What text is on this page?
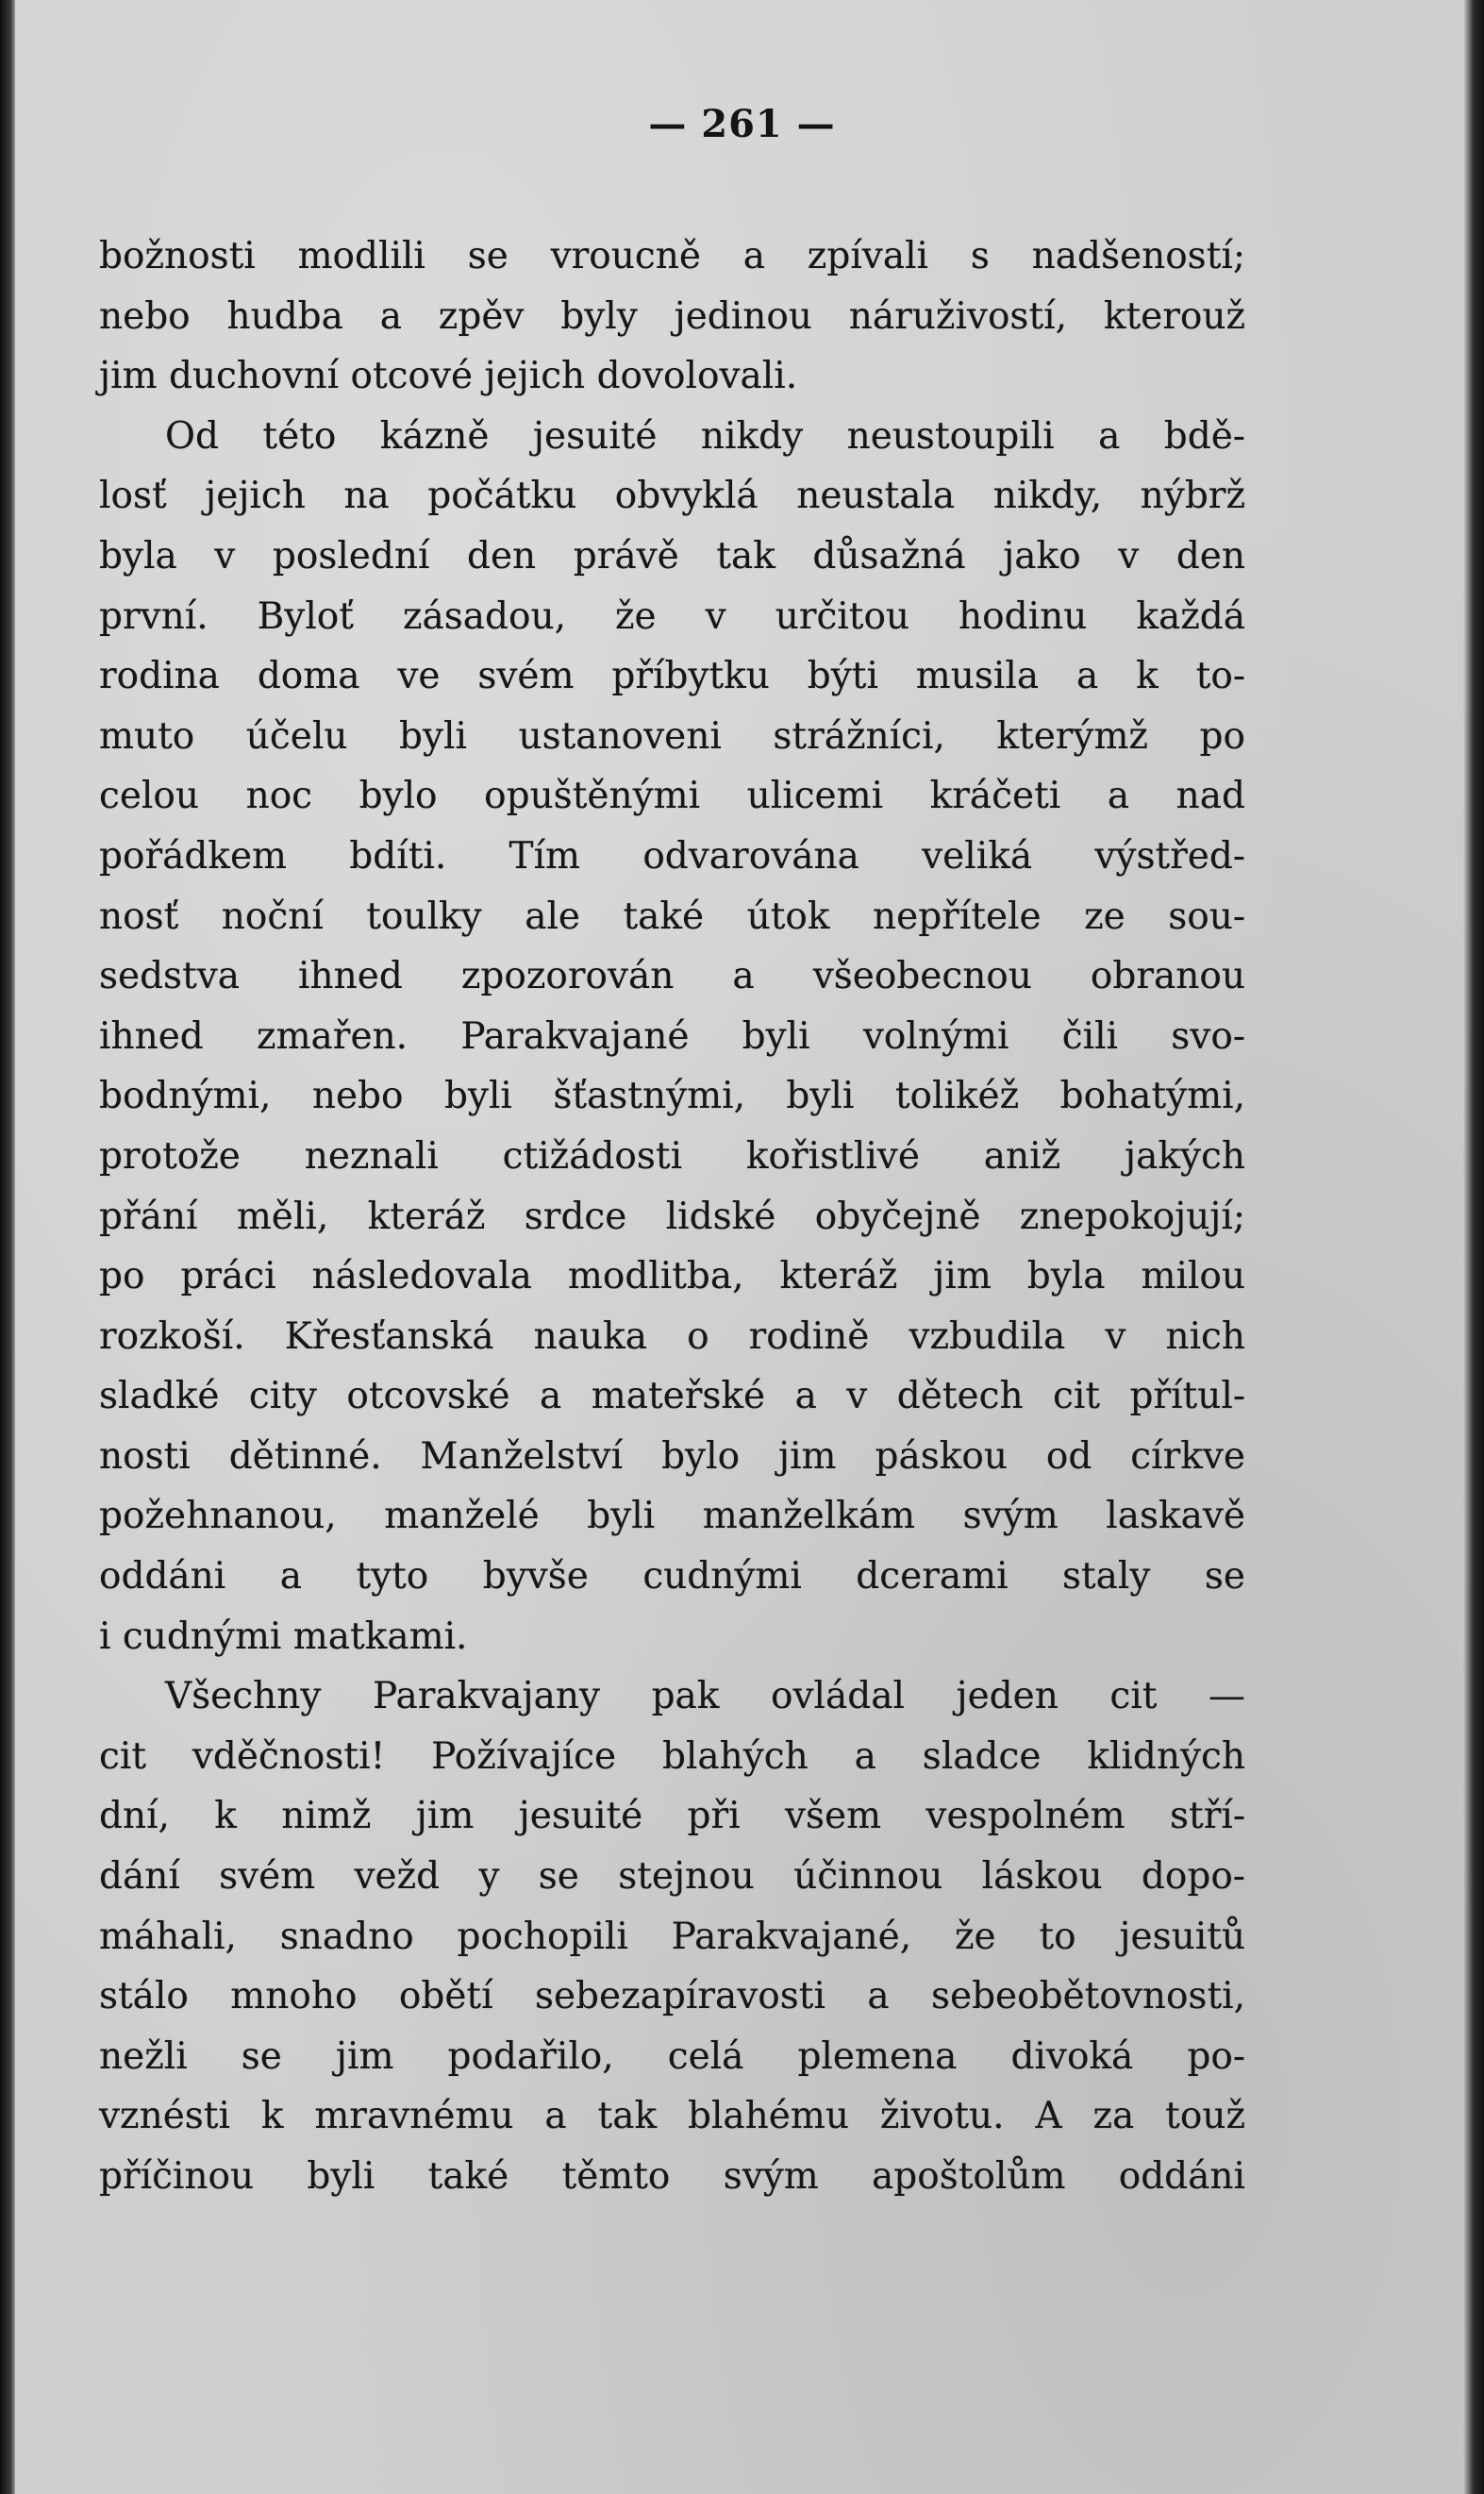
— 261 —
božnosti modlili se vroucně a zpívali s nadšeností;
nebo hudba a zpěv byly jedinou náruživostí, kterouž
jim duchovní otcové jejich dovolovali.
Od této kázně jesuité nikdy neustoupili a bdě-
losť jejich na počátku obvyklá neustala nikdy, nýbrž
byla v poslední den právě tak důsažná jako v den
první. Byloť zásadou, že v určitou hodinu každá
rodina doma ve svém příbytku býti musila a k to-
muto účelu byli ustanoveni strážníci, kterýmž po
celou noc bylo opuštěnými ulicemi kráčeti a nad
pořádkem bdíti. Tím odvarována veliká výstřed-
nosť noční toulky ale také útok nepřítele ze sou-
sedstva ihned zpozorován a všeobecnou obranou
ihned zmařen. Parakvajané byli volnými čili svo-
bodnými, nebo byli šťastnými, byli tolikéž bohatými,
protože neznali ctižádosti kořistlivé aniž jakých
přání měli, kteráž srdce lidské obyčejně znepokojují;
po práci následovala modlitba, kteráž jim byla milou
rozkoší. Křesťanská nauka o rodině vzbudila v nich
sladké city otcovské a mateřské a v dětech cit přítul-
nosti dětinné. Manželství bylo jim páskou od církve
požehnanou, manželé byli manželkám svým laskavě
oddáni a tyto byvše cudnými dcerami staly se
i cudnými matkami.
Všechny Parakvajany pak ovládal jeden cit —
cit vděčnosti! Požívajíce blahých a sladce klidných
dní, k nimž jim jesuité při všem vespolném stří-
dání svém vežd y se stejnou účinnou láskou dopo-
máhali, snadno pochopili Parakvajané, že to jesuitů
stálo mnoho obětí sebezapíravosti a sebeobětovnosti,
nežli se jim podařilo, celá plemena divoká po-
vznésti k mravnému a tak blahému životu. A za touž
příčinou byli také těmto svým apoštolům oddáni
